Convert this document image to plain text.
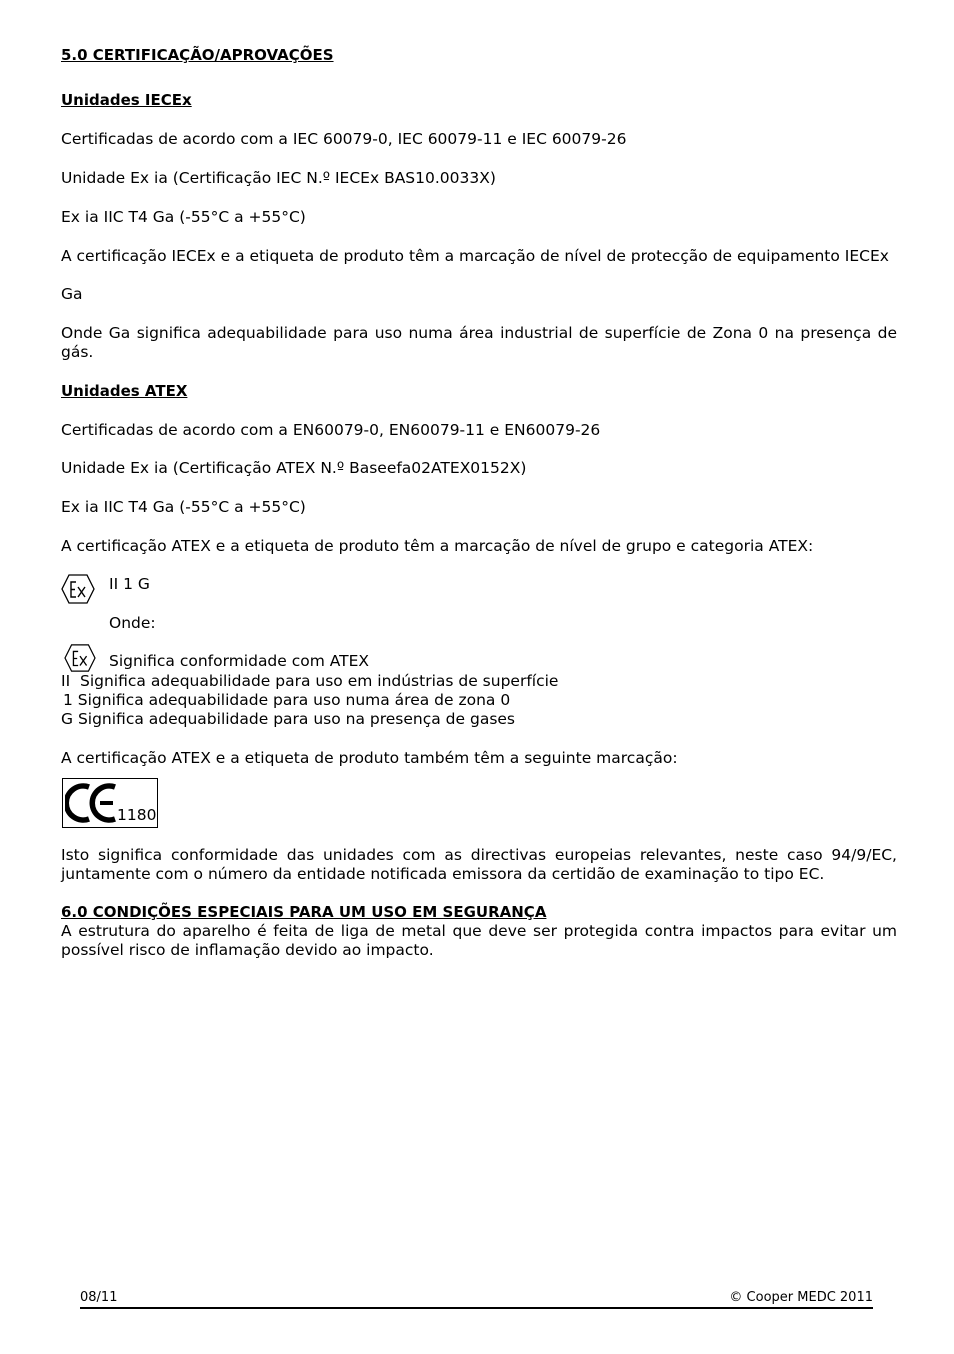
5.0 CERTIFICAÇÃO/APROVAÇÕES
Unidades IECEx
Certificadas de acordo com a IEC 60079-0, IEC 60079-11 e IEC 60079-26
Unidade Ex ia (Certificação IEC N.º IECEx BAS10.0033X)
Ex ia IIC T4 Ga (-55°C a +55°C)
A certificação IECEx e a etiqueta de produto têm a marcação de nível de protecção de equipamento IECEx
Ga
Onde Ga significa adequabilidade para uso numa área industrial de superfície de Zona 0 na presença de gás.
Unidades ATEX
Certificadas de acordo com a EN60079-0, EN60079-11 e EN60079-26
Unidade Ex ia (Certificação ATEX N.º Baseefa02ATEX0152X)
Ex ia IIC T4 Ga (-55°C a +55°C)
A certificação ATEX e a etiqueta de produto têm a marcação de nível de grupo e categoria ATEX:
II 1 G
Onde:
Significa conformidade com ATEX
II  Significa adequabilidade para uso em indústrias de superfície
1 Significa adequabilidade para uso numa área de zona 0
G Significa adequabilidade para uso na presença de gases
A certificação ATEX e a etiqueta de produto também têm a seguinte marcação:
1180
Isto significa conformidade das unidades com as directivas europeias relevantes, neste caso 94/9/EC, juntamente com o número da entidade notificada emissora da certidão de examinação to tipo EC.
6.0 CONDIÇÕES ESPECIAIS PARA UM USO EM SEGURANÇA
A estrutura do aparelho é feita de liga de metal que deve ser protegida contra impactos para evitar um possível risco de inflamação devido ao impacto.
08/11	© Cooper MEDC 2011
